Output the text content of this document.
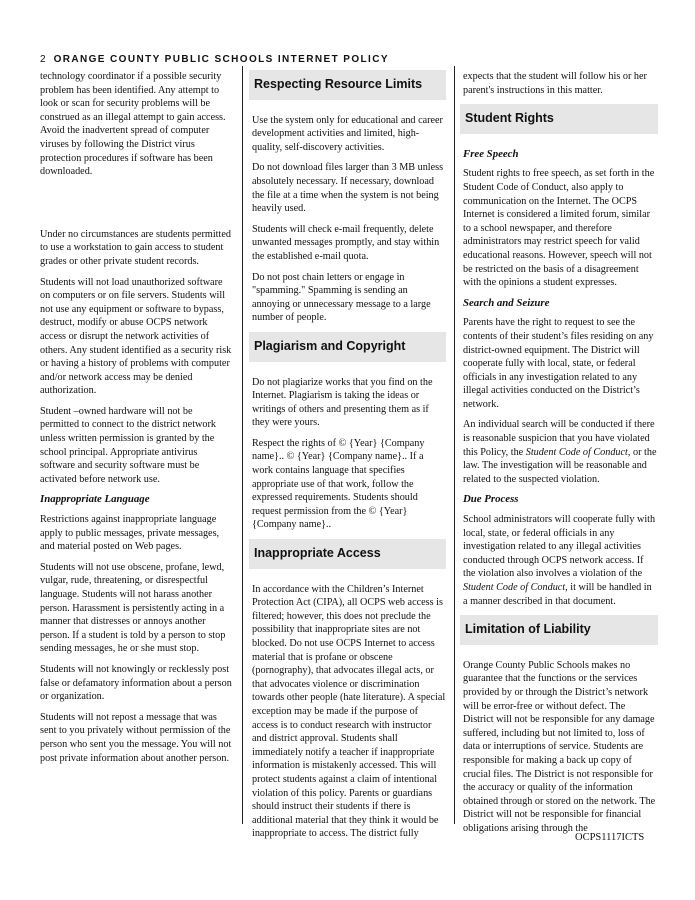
2 ORANGE COUNTY PUBLIC SCHOOLS INTERNET POLICY

technology coordinator if a possible security problem has been identified. Any attempt to look or scan for security problems will be construed as an illegal attempt to gain access. Avoid the inadvertent spread of computer viruses by following the District virus protection procedures if software has been downloaded.

Under no circumstances are students permitted to use a workstation to gain access to student grades or other private student records.

Students will not load unauthorized software on computers or on file servers. Students will not use any equipment or software to bypass, destruct, modify or abuse OCPS network access or disrupt the network activities of others. Any student identified as a security risk or having a history of problems with computer and/or network access may be denied authorization.

Student –owned hardware will not be permitted to connect to the district network unless written permission is granted by the school principal. Appropriate antivirus software and security software must be activated before network use.

Inappropriate Language

Restrictions against inappropriate language apply to public messages, private messages, and material posted on Web pages.

Students will not use obscene, profane, lewd, vulgar, rude, threatening, or disrespectful language. Students will not harass another person. Harassment is persistently acting in a manner that distresses or annoys another person. If a student is told by a person to stop sending messages, he or she must stop.

Students will not knowingly or recklessly post false or defamatory information about a person or organization.

Students will not repost a message that was sent to you privately without permission of the person who sent you the message. You will not post private information about another person.

Respecting Resource Limits

Use the system only for educational and career development activities and limited, high-quality, self-discovery activities.

Do not download files larger than 3 MB unless absolutely necessary. If necessary, download the file at a time when the system is not being heavily used.

Students will check e-mail frequently, delete unwanted messages promptly, and stay within the established e-mail quota.

Do not post chain letters or engage in "spamming." Spamming is sending an annoying or unnecessary message to a large number of people.

Plagiarism and Copyright

Do not plagiarize works that you find on the Internet. Plagiarism is taking the ideas or writings of others and presenting them as if they were yours.

Respect the rights of © {Year} {Company name}.. © {Year} {Company name}.. If a work contains language that specifies appropriate use of that work, follow the expressed requirements. Students should request permission from the © {Year} {Company name}..

Inappropriate Access

In accordance with the Children’s Internet Protection Act (CIPA), all OCPS web access is filtered; however, this does not preclude the possibility that inappropriate sites are not blocked. Do not use OCPS Internet to access material that is profane or obscene (pornography), that advocates illegal acts, or that advocates violence or discrimination towards other people (hate literature). A special exception may be made if the purpose of access is to conduct research with instructor and district approval. Students shall immediately notify a teacher if inappropriate information is mistakenly accessed. This will protect students against a claim of intentional violation of this policy. Parents or guardians should instruct their students if there is additional material that they think it would be inappropriate to access. The district fully

expects that the student will follow his or her parent's instructions in this matter.

Student Rights
Free Speech

Student rights to free speech, as set forth in the Student Code of Conduct, also apply to communication on the Internet. The OCPS Internet is considered a limited forum, similar to a school newspaper, and therefore administrators may restrict speech for valid educational reasons. However, speech will not be restricted on the basis of a disagreement with the opinions a student expresses.

Search and Seizure

Parents have the right to request to see the contents of their student’s files residing on any district-owned equipment. The District will cooperate fully with local, state, or federal officials in any investigation related to any illegal activities conducted on the District’s network.

An individual search will be conducted if there is reasonable suspicion that you have violated this Policy, the Student Code of Conduct, or the law. The investigation will be reasonable and related to the suspected violation.

Due Process

School administrators will cooperate fully with local, state, or federal officials in any investigation related to any illegal activities conducted through OCPS network access. If the violation also involves a violation of the Student Code of Conduct, it will be handled in a manner described in that document.

Limitation of Liability

Orange County Public Schools makes no guarantee that the functions or the services provided by or through the District’s network will be error-free or without defect. The District will not be responsible for any damage suffered, including but not limited to, loss of data or interruptions of service. Students are responsible for making a back up copy of crucial files. The District is not responsible for the accuracy or quality of the information obtained through or stored on the network. The District will not be responsible for financial obligations arising through the

OCPS1117ICTS
